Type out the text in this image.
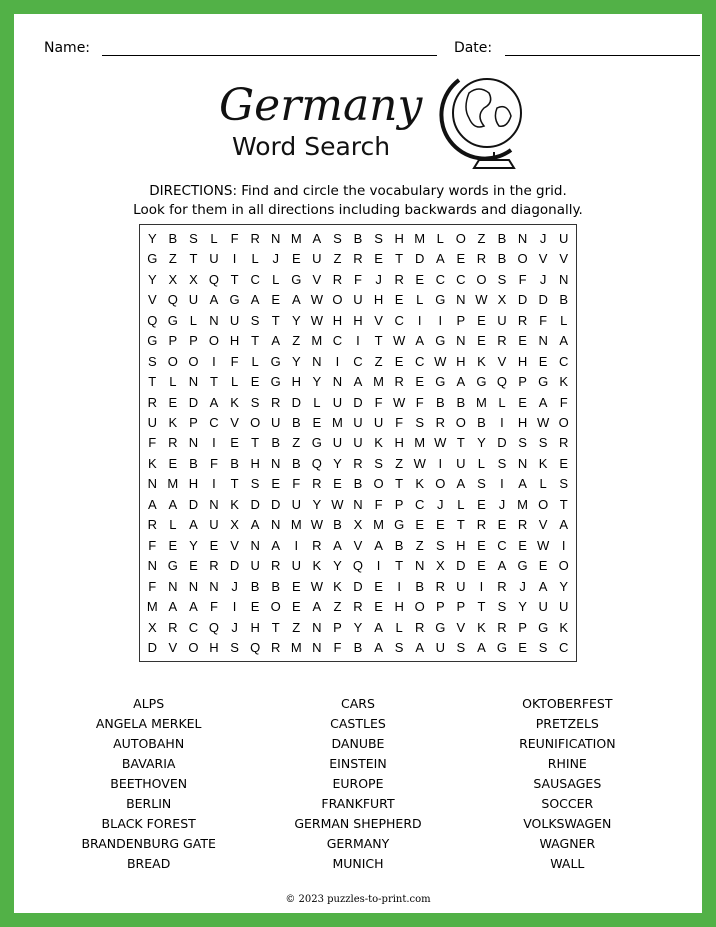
Name:	Date:
Germany
Word Search
DIRECTIONS: Find and circle the vocabulary words in the grid.
Look for them in all directions including backwards and diagonally.
Y B S L F R N M A S B S H M L O Z B N J U
G Z T U	I	L	J E U Z R E T D A E R B O V V
Y X X Q T C L G V R F	J R E C C O S F	J N
V Q U A G A E A W O U H E L G N W X D D B
Q G L N U S T Y W H H V C	I	I	P E U R F L
G P P O H T A Z M C	I	T W A G N E R E N A
S O O	I	F L G Y N	I	C Z E C W H K V H E C
T L N T L E G H Y N A M R E G A G Q P G K
R E D A K S R D L U D F W F B B M L E A F
U K P C V O U B E M U U F S R O B	I	H W O
F R N	I	E T B Z G U U K H M W T Y D S S R
K E B F B H N B Q Y R S Z W I	U L S N K E
N M H	I	T S E F R E B O T K O A S	I	A L S
A A D N K D D U Y W N F P C J	L E J M O T
R L A U X A N M W B X M G E E T R E R V A
F E Y E V N A	I	R A V A B Z S H E C E W I
N G E R D U R U K Y Q	I	T N X D E A G E O
F N N N J B B E W K D E	I	B R U	I	R J A Y
M A A F	I	E O E A Z R E H O P P T S Y U U
X R C Q J H T Z N P Y A L R G V K R P G K
D V O H S Q R M N F B A S A U S A G E S C
ALPS
ANGELA MERKEL
AUTOBAHN
BAVARIA
BEETHOVEN
BERLIN
BLACK FOREST
BRANDENBURG GATE
BREAD
CARS
CASTLES
DANUBE
EINSTEIN
EUROPE
FRANKFURT
GERMAN SHEPHERD
GERMANY
MUNICH
OKTOBERFEST
PRETZELS
REUNIFICATION
RHINE
SAUSAGES
SOCCER
VOLKSWAGEN
WAGNER
WALL
© 2023 puzzles-to-print.com
